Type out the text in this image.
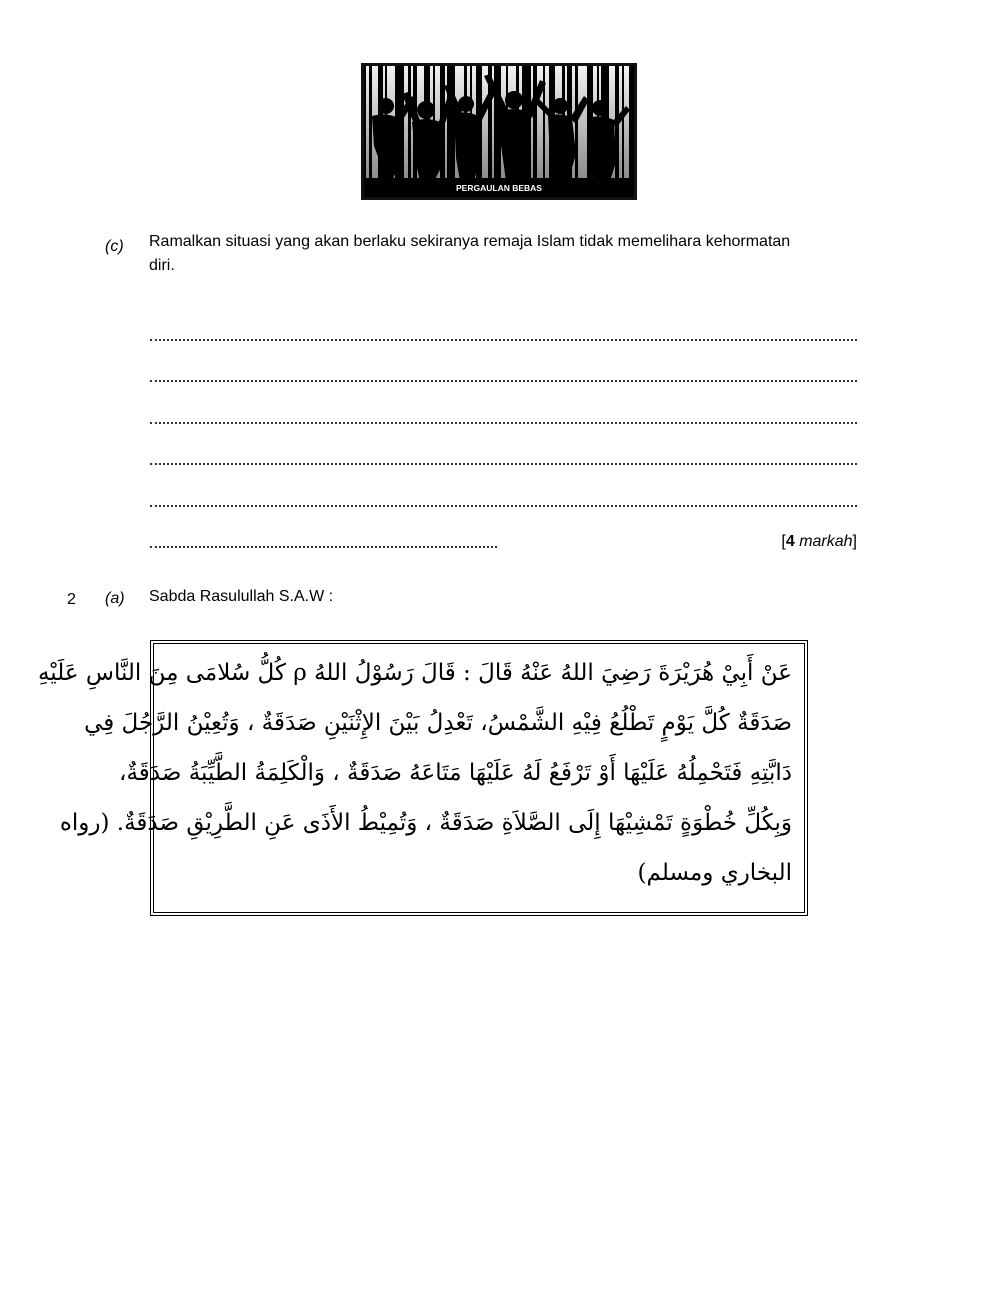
PERGAULAN BEBAS
(c) Ramalkan situasi yang akan berlaku sekiranya remaja Islam tidak memelihara kehormatan
diri.
[4 markah]
2 (a) Sabda Rasulullah S.A.W :
عَنْ أَبِيْ هُرَيْرَةَ رَضِيَ اللهُ عَنْهُ قَالَ : قَالَ رَسُوْلُ اللهُ ρ كُلُّ سُلامَى مِنَ النَّاسِ عَلَيْهِ
صَدَقَةٌ كُلَّ يَوْمٍ تَطْلُعُ فِيْهِ الشَّمْسُ، تَعْدِلُ بَيْنَ الإِثْنَيْنِ صَدَقَةٌ ، وَتُعِيْنُ الرَّجُلَ فِي
دَابَّتِهِ فَتَحْمِلُهُ عَلَيْهَا أَوْ تَرْفَعُ لَهُ عَلَيْهَا مَتَاعَهُ صَدَقَةٌ ، وَالْكَلِمَةُ الطَّيِّبَةُ صَدَقَةٌ،
وَبِكُلِّ خُطْوَةٍ تَمْشِيْهَا إِلَى الصَّلاَةِ صَدَقَةٌ ، وَتُمِيْطُ الأَذَى عَنِ الطَّرِيْقِ صَدَقَةٌ. (رواه
البخاري ومسلم)
